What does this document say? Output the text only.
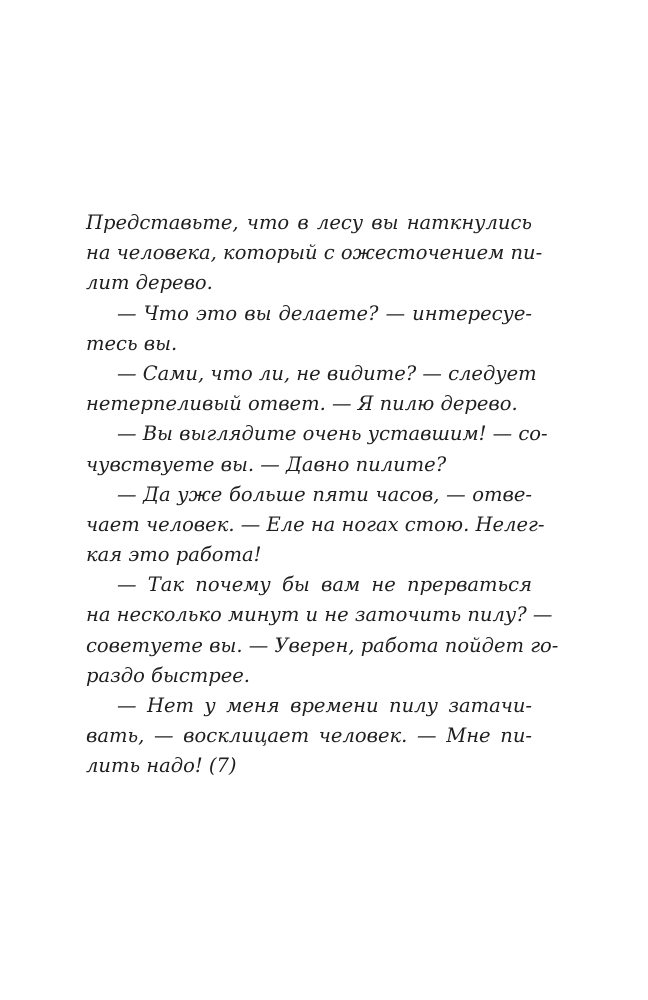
Представьте, что в лесу вы наткнулись
на человека, который с ожесточением пи-
лит дерево.
— Что это вы делаете? — интересуе-
тесь вы.
— Сами, что ли, не видите? — следует
нетерпеливый ответ. — Я пилю дерево.
— Вы выглядите очень уставшим! — со-
чувствуете вы. — Давно пилите?
— Да уже больше пяти часов, — отве-
чает человек. — Еле на ногах стою. Нелег-
кая это работа!
— Так почему бы вам не прерваться
на несколько минут и не заточить пилу? —
советуете вы. — Уверен, работа пойдет го-
раздо быстрее.
— Нет у меня времени пилу затачи-
вать, — восклицает человек. — Мне пи-
лить надо! (7)
